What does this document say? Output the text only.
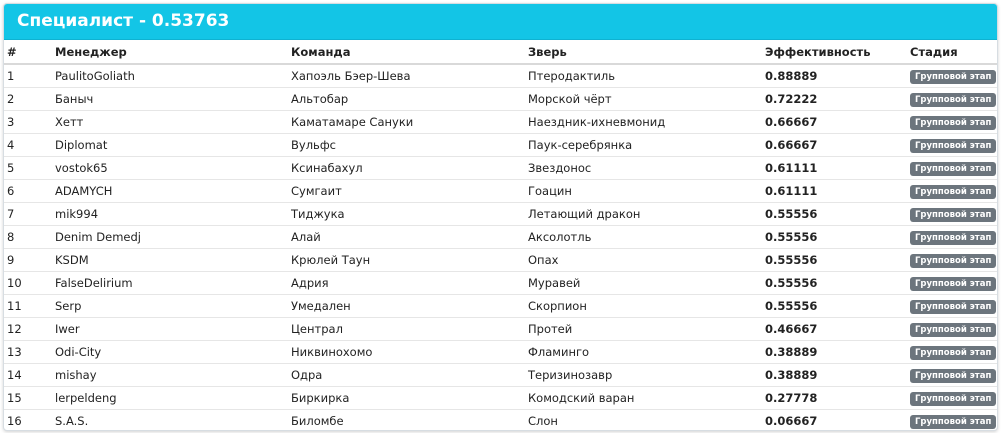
Специалист - 0.53763
#	Менеджер	Команда	Зверь	Эффективность	Стадия
1	PaulitoGoliath	Хапоэль Бэер-Шева	Птеродактиль	0.88889	Групповой этап
2	Баныч	Альтобар	Морской чёрт	0.72222	Групповой этап
3	Хетт	Каматамаре Сануки	Наездник-ихневмонид	0.66667	Групповой этап
4	Diplomat	Вульфс	Паук-серебрянка	0.66667	Групповой этап
5	vostok65	Ксинабахул	Звездонос	0.61111	Групповой этап
6	ADAMYCH	Сумгаит	Гоацин	0.61111	Групповой этап
7	mik994	Тиджука	Летающий дракон	0.55556	Групповой этап
8	Denim Demedj	Алай	Аксолотль	0.55556	Групповой этап
9	KSDM	Крюлей Таун	Опах	0.55556	Групповой этап
10	FalseDelirium	Адрия	Муравей	0.55556	Групповой этап
11	Serp	Умедален	Скорпион	0.55556	Групповой этап
12	Iwer	Централ	Протей	0.46667	Групповой этап
13	Odi-City	Никвинохомо	Фламинго	0.38889	Групповой этап
14	mishay	Одра	Теризинозавр	0.38889	Групповой этап
15	lerpeldeng	Биркирка	Комодский варан	0.27778	Групповой этап
16	S.A.S.	Биломбе	Слон	0.06667	Групповой этап
